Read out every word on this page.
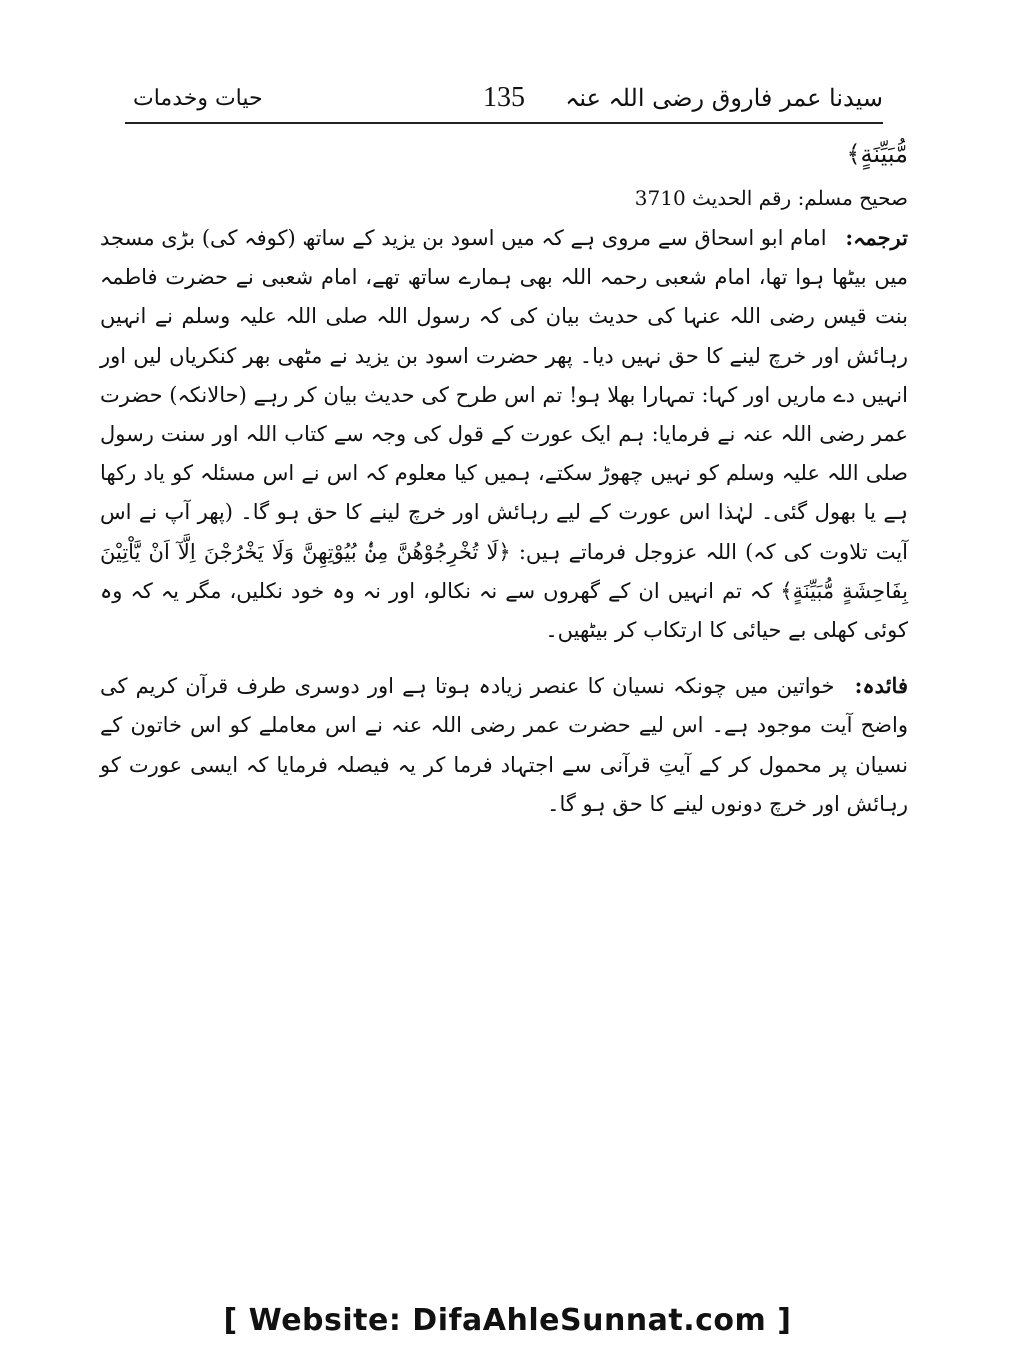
سیدنا عمر فاروق رضی اللہ عنہ
135
حیات وخدمات
مُّبَيِّنَةٍ﴾
صحیح مسلم: رقم الحدیث 3710

ترجمہ: امام ابو اسحاق سے مروی ہے کہ میں اسود بن یزید کے ساتھ (کوفہ کی) بڑی مسجد میں بیٹھا ہوا تھا، امام شعبی رحمہ اللہ بھی ہمارے ساتھ تھے، امام شعبی نے حضرت فاطمہ بنت قیس رضی اللہ عنہا کی حدیث بیان کی کہ رسول اللہ صلی اللہ علیہ وسلم نے انہیں رہائش اور خرچ لینے کا حق نہیں دیا۔ پھر حضرت اسود بن یزید نے مٹھی بھر کنکریاں لیں اور انہیں دے ماریں اور کہا: تمہارا بھلا ہو! تم اس طرح کی حدیث بیان کر رہے (حالانکہ) حضرت عمر رضی اللہ عنہ نے فرمایا: ہم ایک عورت کے قول کی وجہ سے کتاب اللہ اور سنت رسول صلی اللہ علیہ وسلم کو نہیں چھوڑ سکتے، ہمیں کیا معلوم کہ اس نے اس مسئلہ کو یاد رکھا ہے یا بھول گئی۔ لہٰذا اس عورت کے لیے رہائش اور خرچ لینے کا حق ہو گا۔ (پھر آپ نے اس آیت تلاوت کی کہ) اللہ عزوجل فرماتے ہیں: ﴿لَا تُخْرِجُوْهُنَّ مِنْۢ بُيُوْتِهِنَّ وَلَا يَخْرُجْنَ اِلَّآ اَنْ يَّاْتِيْنَ بِفَاحِشَةٍ مُّبَيِّنَةٍ﴾ کہ تم انہیں ان کے گھروں سے نہ نکالو، اور نہ وہ خود نکلیں، مگر یہ کہ وہ کوئی کھلی بے حیائی کا ارتکاب کر بیٹھیں۔

فائدہ: خواتین میں چونکہ نسیان کا عنصر زیادہ ہوتا ہے اور دوسری طرف قرآن کریم کی واضح آیت موجود ہے۔ اس لیے حضرت عمر رضی اللہ عنہ نے اس معاملے کو اس خاتون کے نسیان پر محمول کر کے آیتِ قرآنی سے اجتہاد فرما کر یہ فیصلہ فرمایا کہ ایسی عورت کو رہائش اور خرچ دونوں لینے کا حق ہو گا۔

[ Website: DifaAhleSunnat.com ]
